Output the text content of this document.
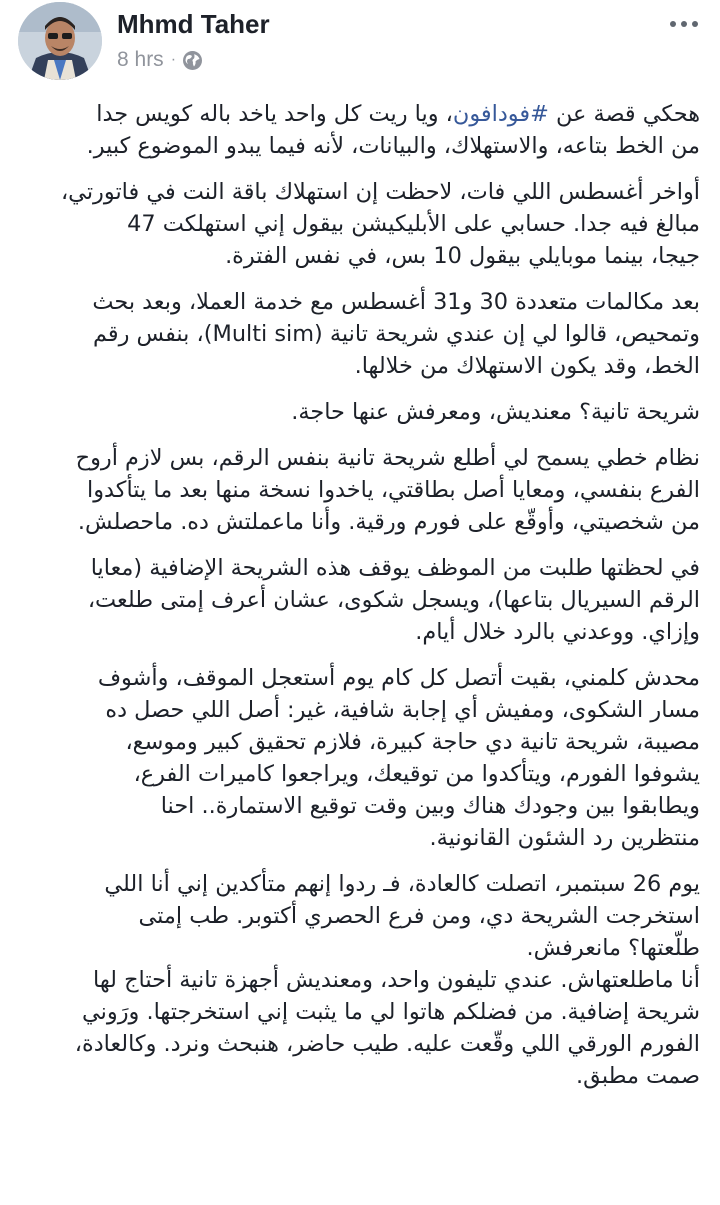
Mhmd Taher
8 hrs ·
هحكي قصة عن #فودافون، ويا ريت كل واحد ياخد باله كويس جدا
من الخط بتاعه، والاستهلاك، والبيانات، لأنه فيما يبدو الموضوع كبير.
أواخر أغسطس اللي فات، لاحظت إن استهلاك باقة النت في فاتورتي،
مبالغ فيه جدا. حسابي على الأبليكيشن بيقول إني استهلكت 47
جيجا، بينما موبايلي بيقول 10 بس، في نفس الفترة.
بعد مكالمات متعددة 30 و31 أغسطس مع خدمة العملا، وبعد بحث
وتمحيص، قالوا لي إن عندي شريحة تانية (Multi sim)، بنفس رقم
الخط، وقد يكون الاستهلاك من خلالها.
شريحة تانية؟ معنديش، ومعرفش عنها حاجة.
نظام خطي يسمح لي أطلع شريحة تانية بنفس الرقم، بس لازم أروح
الفرع بنفسي، ومعايا أصل بطاقتي، ياخدوا نسخة منها بعد ما يتأكدوا
من شخصيتي، وأوقّع على فورم ورقية. وأنا ماعملتش ده. ماحصلش.
في لحظتها طلبت من الموظف يوقف هذه الشريحة الإضافية (معايا
الرقم السيريال بتاعها)، ويسجل شكوى، عشان أعرف إمتى طلعت،
وإزاي. ووعدني بالرد خلال أيام.
محدش كلمني، بقيت أتصل كل كام يوم أستعجل الموقف، وأشوف
مسار الشكوى، ومفيش أي إجابة شافية، غير: أصل اللي حصل ده
مصيبة، شريحة تانية دي حاجة كبيرة، فلازم تحقيق كبير وموسع،
يشوفوا الفورم، ويتأكدوا من توقيعك، ويراجعوا كاميرات الفرع،
ويطابقوا بين وجودك هناك وبين وقت توقيع الاستمارة.. احنا
منتظرين رد الشئون القانونية.
يوم 26 سبتمبر، اتصلت كالعادة، فـ ردوا إنهم متأكدين إني أنا اللي
استخرجت الشريحة دي، ومن فرع الحصري أكتوبر. طب إمتى
طلّعتها؟ مانعرفش.
أنا ماطلعتهاش. عندي تليفون واحد، ومعنديش أجهزة تانية أحتاج لها
شريحة إضافية. من فضلكم هاتوا لي ما يثبت إني استخرجتها. ورَوني
الفورم الورقي اللي وقّعت عليه. طيب حاضر، هنبحث ونرد. وكالعادة،
صمت مطبق.
